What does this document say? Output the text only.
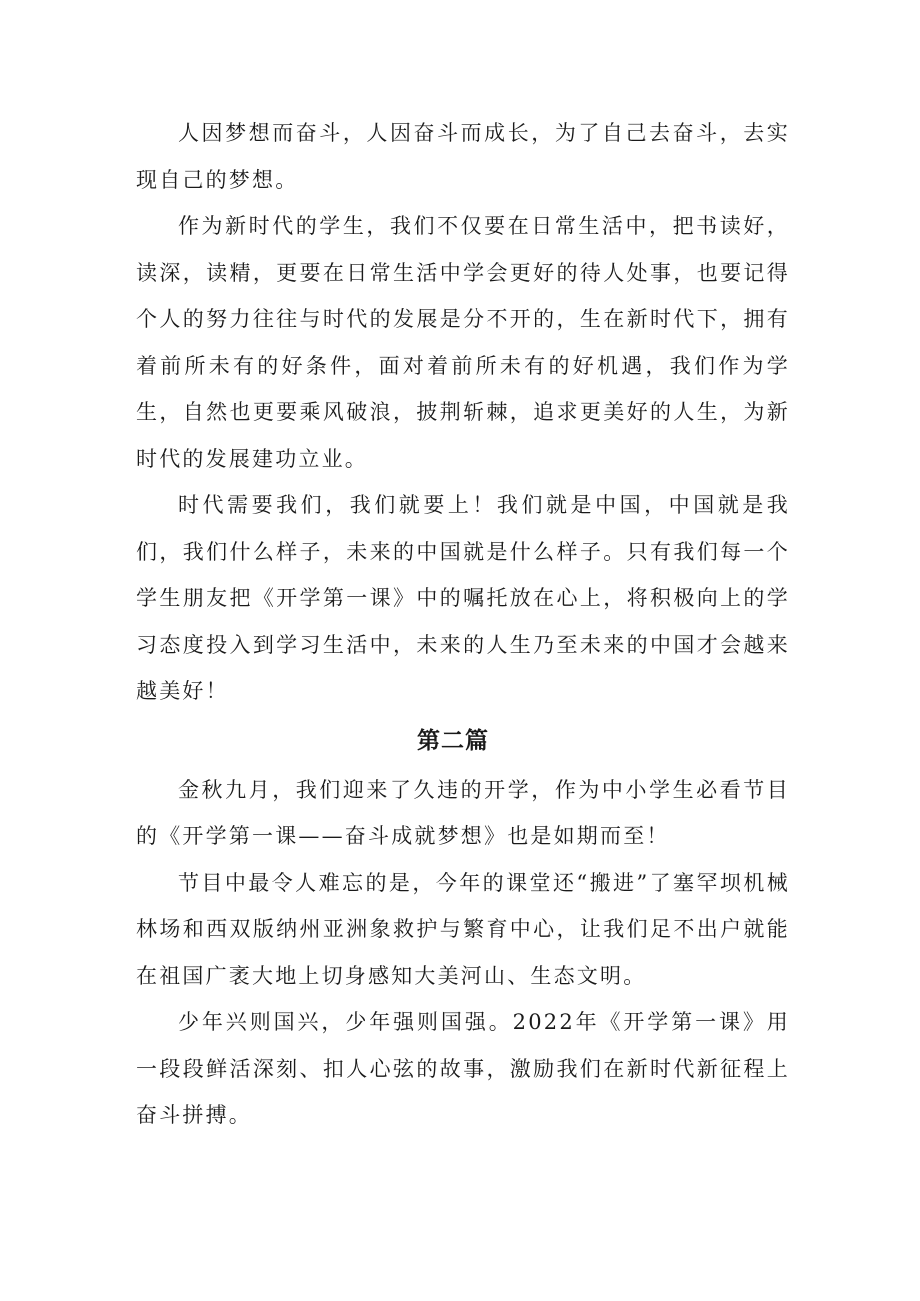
人因梦想而奋斗，人因奋斗而成长，为了自己去奋斗，去实现自己的梦想。

作为新时代的学生，我们不仅要在日常生活中，把书读好，读深，读精，更要在日常生活中学会更好的待人处事，也要记得个人的努力往往与时代的发展是分不开的，生在新时代下，拥有着前所未有的好条件，面对着前所未有的好机遇，我们作为学生，自然也更要乘风破浪，披荆斩棘，追求更美好的人生，为新时代的发展建功立业。

时代需要我们，我们就要上！我们就是中国，中国就是我们，我们什么样子，未来的中国就是什么样子。只有我们每一个学生朋友把《开学第一课》中的嘱托放在心上，将积极向上的学习态度投入到学习生活中，未来的人生乃至未来的中国才会越来越美好！

第二篇

金秋九月，我们迎来了久违的开学，作为中小学生必看节目的《开学第一课——奋斗成就梦想》也是如期而至！

节目中最令人难忘的是，今年的课堂还“搬进”了塞罕坝机械林场和西双版纳州亚洲象救护与繁育中心，让我们足不出户就能在祖国广袤大地上切身感知大美河山、生态文明。

少年兴则国兴，少年强则国强。2022年《开学第一课》用一段段鲜活深刻、扣人心弦的故事，激励我们在新时代新征程上奋斗拼搏。
